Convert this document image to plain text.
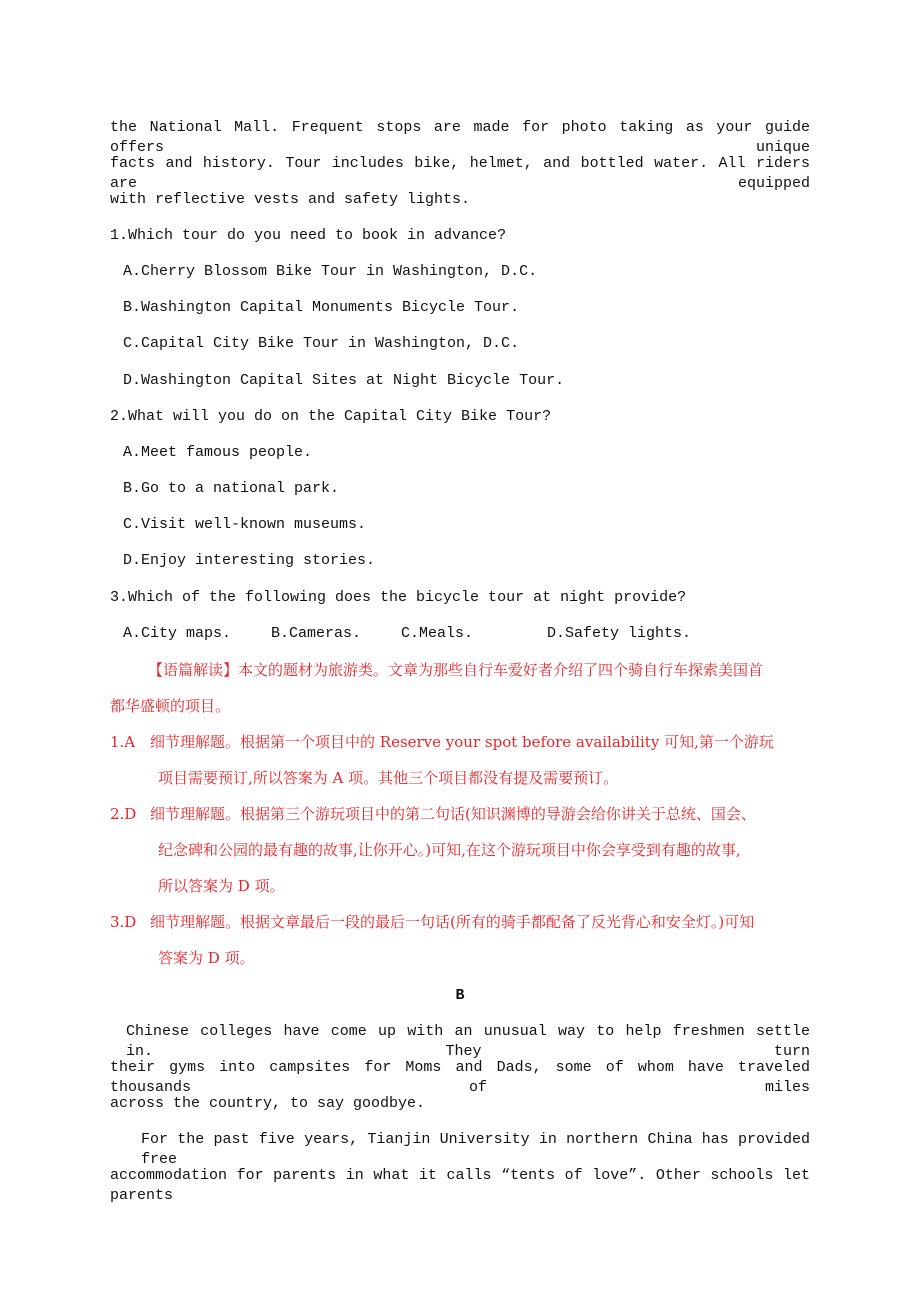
the National Mall. Frequent stops are made for photo taking as your guide offers unique
facts and history. Tour includes bike, helmet, and bottled water. All riders are equipped
with reflective vests and safety lights.
1.Which tour do you need to book in advance?
A.Cherry Blossom Bike Tour in Washington, D.C.
B.Washington Capital Monuments Bicycle Tour.
C.Capital City Bike Tour in Washington, D.C.
D.Washington Capital Sites at Night Bicycle Tour.
2.What will you do on the Capital City Bike Tour?
A.Meet famous people.
B.Go to a national park.
C.Visit well-known museums.
D.Enjoy interesting stories.
3.Which of the following does the bicycle tour at night provide?
A.City maps.	B.Cameras.	C.Meals.	D.Safety lights.
【语篇解读】本文的题材为旅游类。文章为那些自行车爱好者介绍了四个骑自行车探索美国首
都华盛顿的项目。
1.A 细节理解题。根据第一个项目中的 Reserve your spot before availability 可知,第一个游玩
项目需要预订,所以答案为 A 项。其他三个项目都没有提及需要预订。
2.D 细节理解题。根据第三个游玩项目中的第二句话(知识渊博的导游会给你讲关于总统、国会、
纪念碑和公园的最有趣的故事,让你开心。)可知,在这个游玩项目中你会享受到有趣的故事,
所以答案为 D 项。
3.D 细节理解题。根据文章最后一段的最后一句话(所有的骑手都配备了反光背心和安全灯。)可知
答案为 D 项。
B
Chinese colleges have come up with an unusual way to help freshmen settle in. They turn
their gyms into campsites for Moms and Dads, some of whom have traveled thousands of miles
across the country, to say goodbye.
For the past five years, Tianjin University in northern China has provided free
accommodation for parents in what it calls “tents of love”. Other schools let parents
